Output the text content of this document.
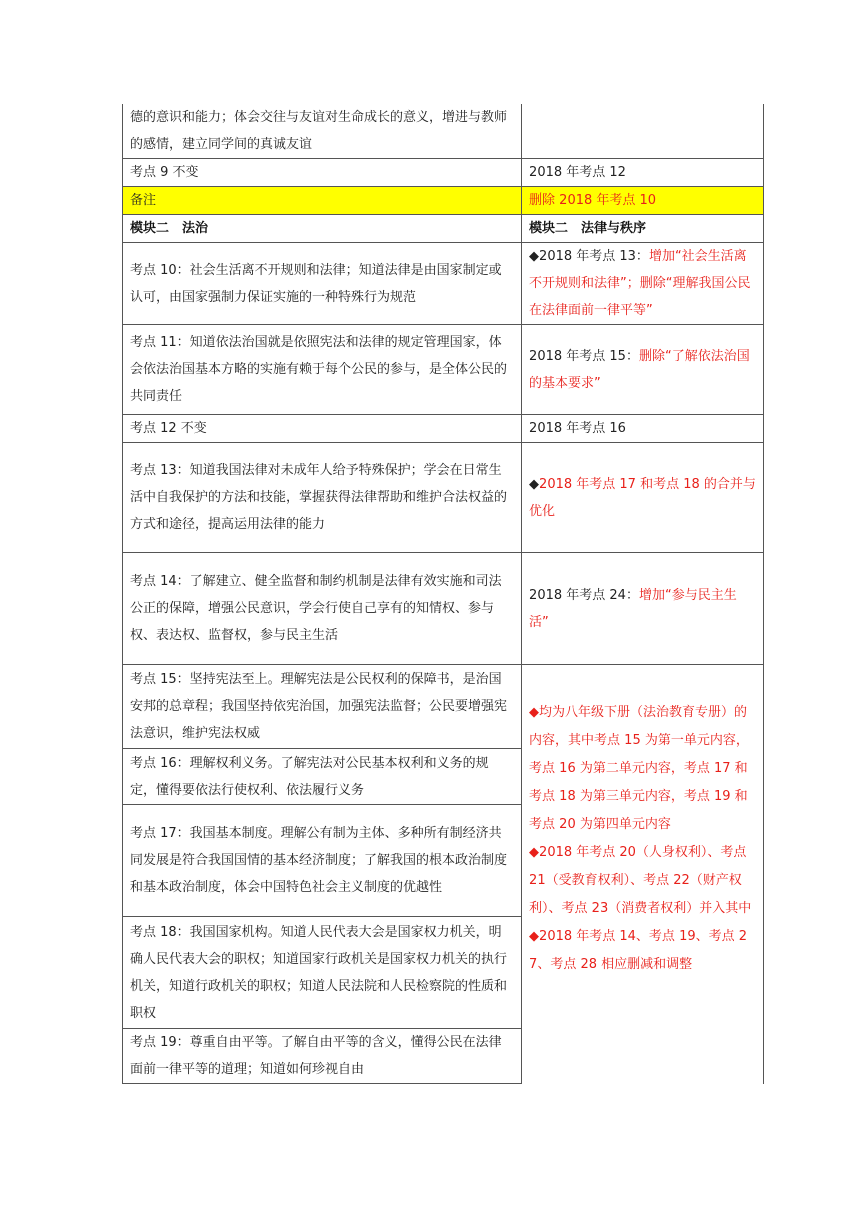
德的意识和能力；体会交往与友谊对生命成长的意义，增进与教师的感情，建立同学间的真诚友谊	
考点 9 不变	2018 年考点 12
备注	删除 2018 年考点 10
模块二　法治	模块二　法律与秩序
考点 10：社会生活离不开规则和法律；知道法律是由国家制定或认可，由国家强制力保证实施的一种特殊行为规范	◆2018 年考点 13：增加“社会生活离不开规则和法律”；删除“理解我国公民在法律面前一律平等”
考点 11：知道依法治国就是依照宪法和法律的规定管理国家，体会依法治国基本方略的实施有赖于每个公民的参与，是全体公民的共同责任	2018 年考点 15：删除“了解依法治国的基本要求”
考点 12 不变	2018 年考点 16
考点 13：知道我国法律对未成年人给予特殊保护；学会在日常生活中自我保护的方法和技能，掌握获得法律帮助和维护合法权益的方式和途径，提高运用法律的能力	◆2018 年考点 17 和考点 18 的合并与优化
考点 14：了解建立、健全监督和制约机制是法律有效实施和司法公正的保障，增强公民意识，学会行使自己享有的知情权、参与权、表达权、监督权，参与民主生活	2018 年考点 24：增加“参与民主生活”
考点 15：坚持宪法至上。理解宪法是公民权利的保障书，是治国安邦的总章程；我国坚持依宪治国，加强宪法监督；公民要增强宪法意识，维护宪法权威	◆均为八年级下册（法治教育专册）的内容，其中考点 15 为第一单元内容，考点 16 为第二单元内容，考点 17 和考点 18 为第三单元内容，考点 19 和考点 20 为第四单元内容

◆2018 年考点 20（人身权利）、考点 21（受教育权利）、考点 22（财产权利）、考点 23（消费者权利）并入其中

◆2018 年考点 14、考点 19、考点 27、考点 28 相应删减和调整

考点 16：理解权利义务。了解宪法对公民基本权利和义务的规定，懂得要依法行使权利、依法履行义务	
考点 17：我国基本制度。理解公有制为主体、多种所有制经济共同发展是符合我国国情的基本经济制度；了解我国的根本政治制度和基本政治制度，体会中国特色社会主义制度的优越性	
考点 18：我国国家机构。知道人民代表大会是国家权力机关，明确人民代表大会的职权；知道国家行政机关是国家权力机关的执行机关，知道行政机关的职权；知道人民法院和人民检察院的性质和职权	
考点 19：尊重自由平等。了解自由平等的含义，懂得公民在法律面前一律平等的道理；知道如何珍视自由	
